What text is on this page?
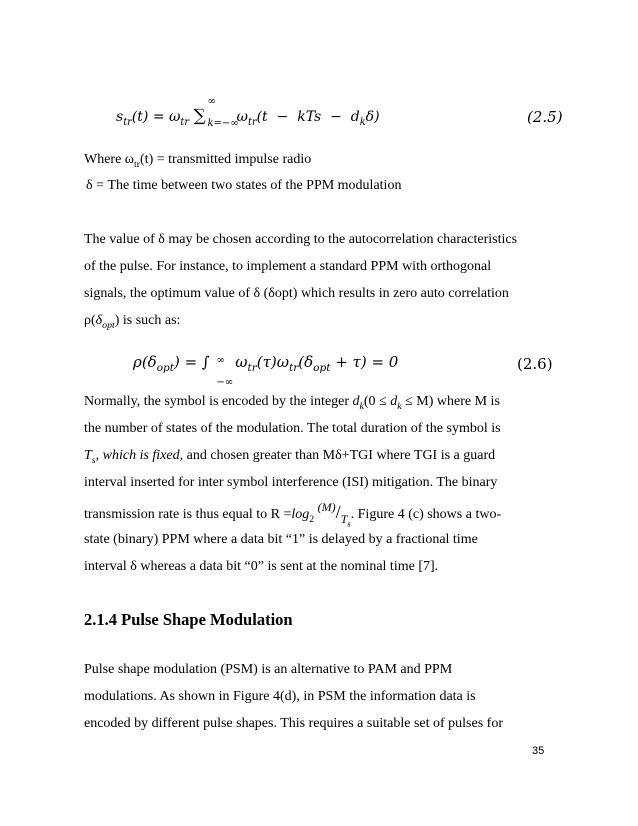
$s_{tr}(t) = \omega_{tr}$ ∑
∞
k=−∞
$\omega_{tr}(t$  −  kTs  −  $d_k\delta$)	(2.5)
Where $\omega_{tr}(t)$ = transmitted impulse radio
δ = The time between two states of the PPM modulation
The value of δ may be chosen according to the autocorrelation characteristics
of the pulse. For instance, to implement a standard PPM with orthogonal
signals, the optimum value of δ (δopt) which results in zero auto correlation
$\rho(\delta_{opt})$ is such as:
$\rho(\delta_{opt})$ = ∫ ∞
−∞
$\omega_{tr}(\tau)\omega_{tr}(\delta_{opt} + \tau) = 0$	(2.6)
Normally, the symbol is encoded by the integer $d_k(0 \le d_k \le M)$ where M is
the number of states of the modulation. The total duration of the symbol is
$T_s$, which is fixed, and chosen greater than Mδ+TGI where TGI is a guard
interval inserted for inter symbol interference (ISI) mitigation. The binary
transmission rate is thus equal to $R =\log_2$ $(M)/T_s$. Figure 4 (c) shows a two-
state (binary) PPM where a data bit “1” is delayed by a fractional time
interval δ whereas a data bit “0” is sent at the nominal time [7].
2.1.4 Pulse Shape Modulation
Pulse shape modulation (PSM) is an alternative to PAM and PPM
modulations. As shown in Figure 4(d), in PSM the information data is
encoded by different pulse shapes. This requires a suitable set of pulses for
35
